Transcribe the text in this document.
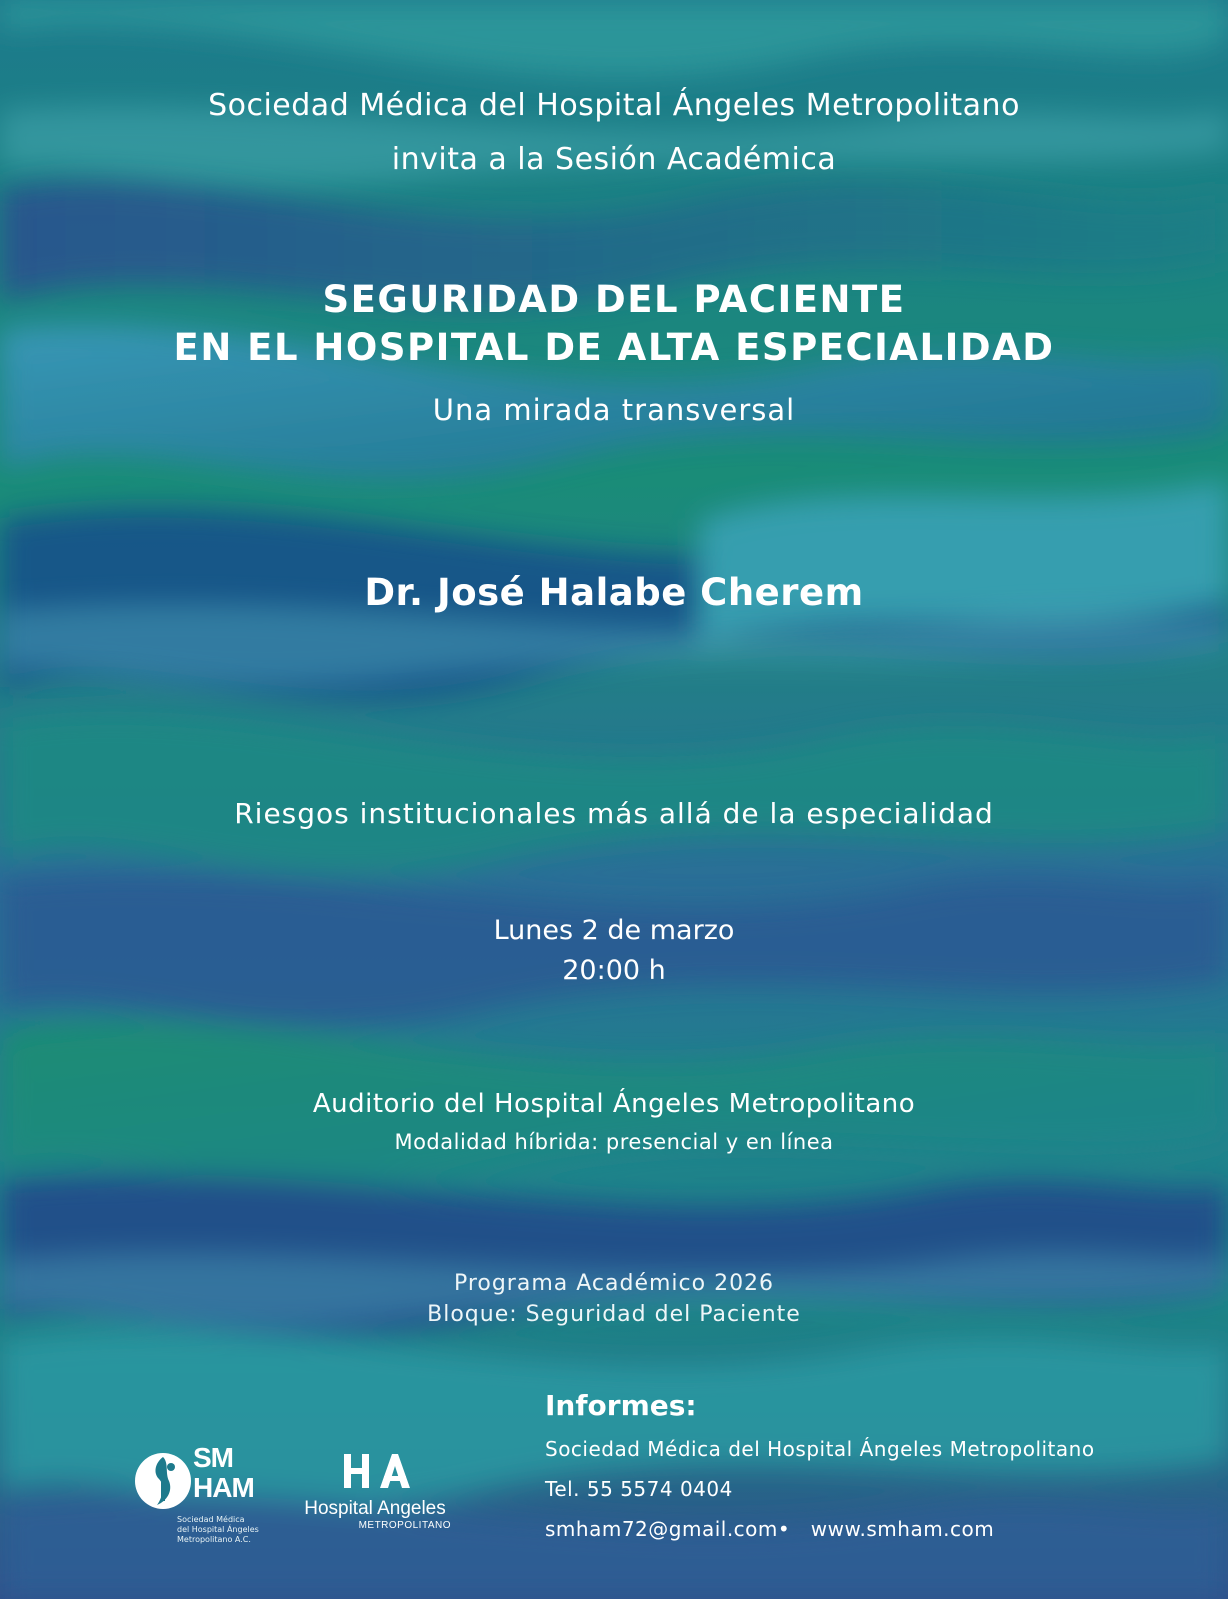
Sociedad Médica del Hospital Ángeles Metropolitano
invita a la Sesión Académica
SEGURIDAD DEL PACIENTE
EN EL HOSPITAL DE ALTA ESPECIALIDAD
Una mirada transversal
Dr. José Halabe Cherem
Riesgos institucionales más allá de la especialidad
Lunes 2 de marzo
20:00 h
Auditorio del Hospital Ángeles Metropolitano
Modalidad híbrida: presencial y en línea
Programa Académico 2026
Bloque: Seguridad del Paciente
Informes:
Sociedad Médica del Hospital Ángeles Metropolitano
Tel. 55 5574 0404
smham72@gmail.com• www.smham.com
SM HAM
Sociedad Médica
del Hospital Ángeles
Metropolitano A.C.
Hospital Angeles
METROPOLITANO
